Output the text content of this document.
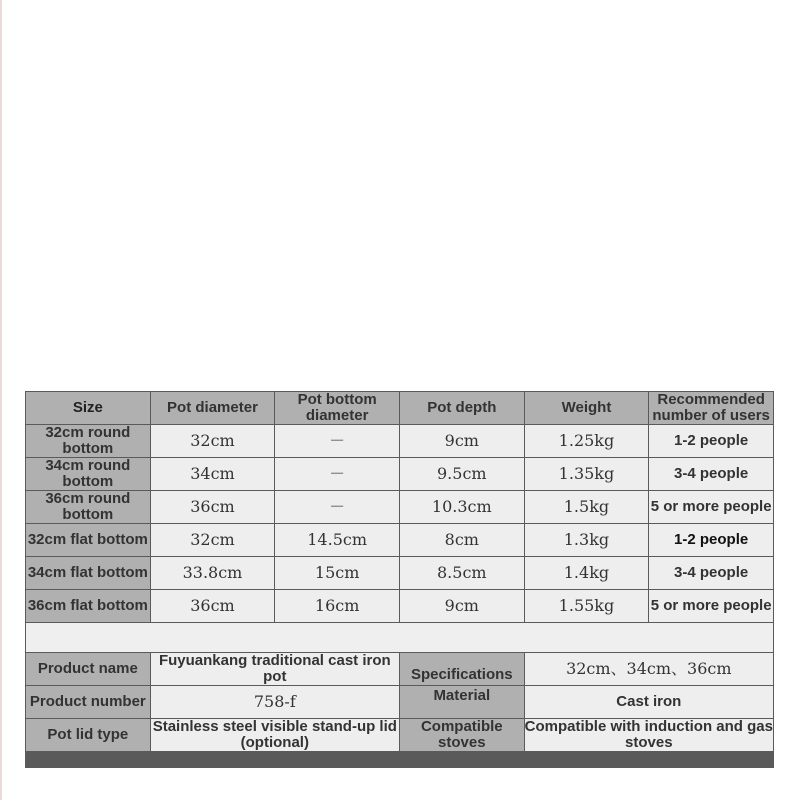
Size	Pot diameter	Pot bottom diameter	Pot depth	Weight	Recommended number of users
32cm round bottom	32cm	－	9cm	1.25kg	1-2 people
34cm round bottom	34cm	－	9.5cm	1.35kg	3-4 people
36cm round bottom	36cm	－	10.3cm	1.5kg	5 or more people
32cm flat bottom	32cm	14.5cm	8cm	1.3kg	1-2 people
34cm flat bottom	33.8cm	15cm	8.5cm	1.4kg	3-4 people
36cm flat bottom	36cm	16cm	9cm	1.55kg	5 or more people

Product name	Fuyuankang traditional cast iron pot		Specifications	32cm、34cm、36cm	
Product number	758-f		Material	Cast iron	
Pot lid type	Stainless steel visible stand-up lid (optional)		Compatible stoves	Compatible with induction and gas stoves	
